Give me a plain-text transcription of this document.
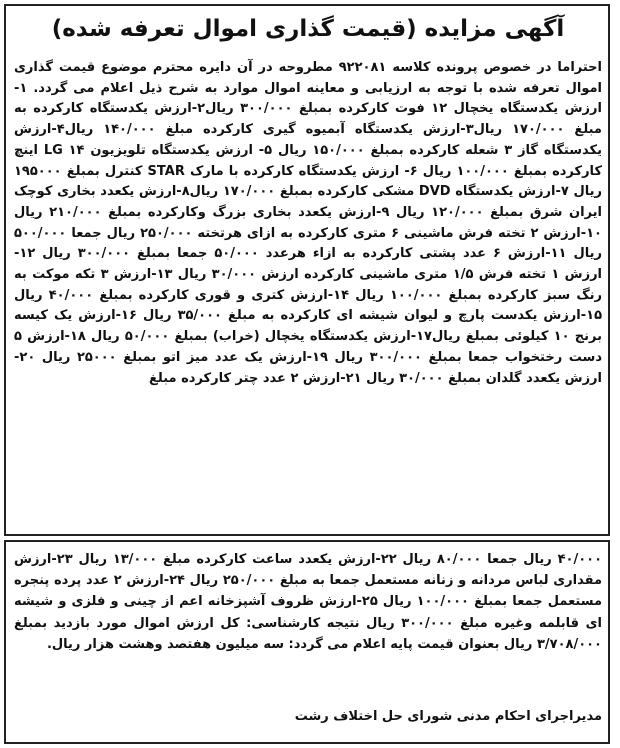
آگهی مزایده (قیمت گذاری اموال تعرفه شده)

احتراما در خصوص پرونده کلاسه ۹۲۲۰۸۱ مطروحه در آن دایره محترم موضوع قیمت گذاری اموال تعرفه شده با توجه به ارزیابی و معاینه اموال موارد به شرح ذیل اعلام می گردد. ۱-ارزش یکدستگاه یخچال ۱۲ فوت کارکرده بمبلغ ۳۰۰/۰۰۰ ریال۲-ارزش یکدستگاه کارکرده به مبلغ ۱۷۰/۰۰۰ ریال۳-ارزش یکدستگاه آبمیوه گیری کارکرده مبلغ ۱۴۰/۰۰۰ ریال۴-ارزش یکدستگاه گاز ۳ شعله کارکرده بمبلغ ۱۵۰/۰۰۰ ریال ۵- ارزش یکدستگاه تلویزیون LG ۱۴ اینچ کارکرده بمبلغ ۱۰۰/۰۰۰ ریال ۶- ارزش یکدستگاه کارکرده با مارک STAR کنترل بمبلغ ۱۹۵۰۰۰ ریال ۷-ارزش یکدستگاه DVD مشکی کارکرده بمبلغ ۱۷۰/۰۰۰ ریال۸-ارزش یکعدد بخاری کوچک ایران شرق بمبلغ ۱۲۰/۰۰۰ ریال ۹-ارزش یکعدد بخاری بزرگ وکارکرده بمبلغ ۲۱۰/۰۰۰ ریال ۱۰-ارزش ۲ تخته فرش ماشینی ۶ متری کارکرده به ازای هرتخته ۲۵۰/۰۰۰ ریال جمعا ۵۰۰/۰۰۰ ریال ۱۱-ارزش ۶ عدد پشتی کارکرده به ازاء هرعدد ۵۰/۰۰۰ جمعا بمبلغ ۳۰۰/۰۰۰ ریال ۱۲-ارزش ۱ تخته فرش ۱/۵ متری ماشینی کارکرده ارزش ۳۰/۰۰۰ ریال ۱۳-ارزش ۳ تکه موکت به رنگ سبز کارکرده بمبلغ ۱۰۰/۰۰۰ ریال ۱۴-ارزش کتری و قوری کارکرده بمبلغ ۴۰/۰۰۰ ریال ۱۵-ارزش یکدست پارچ و لیوان شیشه ای کارکرده به مبلغ ۳۵/۰۰۰ ریال ۱۶-ارزش یک کیسه برنج ۱۰ کیلوئی بمبلغ ریال۱۷-ارزش یکدستگاه یخچال (خراب) بمبلغ ۵۰/۰۰۰ ریال ۱۸-ارزش ۵ دست رختخواب جمعا بمبلغ ۳۰۰/۰۰۰ ریال ۱۹-ارزش یک عدد میز اتو بمبلغ ۲۵۰۰۰ ریال ۲۰-ارزش یکعدد گلدان بمبلغ ۳۰/۰۰۰ ریال ۲۱-ارزش ۲ عدد چتر کارکرده مبلغ

۴۰/۰۰۰ ریال جمعا ۸۰/۰۰۰ ریال ۲۲-ارزش یکعدد ساعت کارکرده مبلغ ۱۳/۰۰۰ ریال ۲۳-ارزش مقداری لباس مردانه و زنانه مستعمل جمعا به مبلغ ۲۵۰/۰۰۰ ریال ۲۴-ارزش ۲ عدد پرده پنجره مستعمل جمعا بمبلغ ۱۰۰/۰۰۰ ریال ۲۵-ارزش ظروف آشپزخانه اعم از چینی و فلزی و شیشه ای قابلمه وغیره مبلغ ۳۰۰/۰۰۰ ریال نتیجه کارشناسی: کل ارزش اموال مورد بازدید بمبلغ ۳/۷۰۸/۰۰۰ ریال بعنوان قیمت پایه اعلام می گردد: سه میلیون هفتصد وهشت هزار ریال.

مدیراجرای احکام مدنی شورای حل اختلاف رشت
